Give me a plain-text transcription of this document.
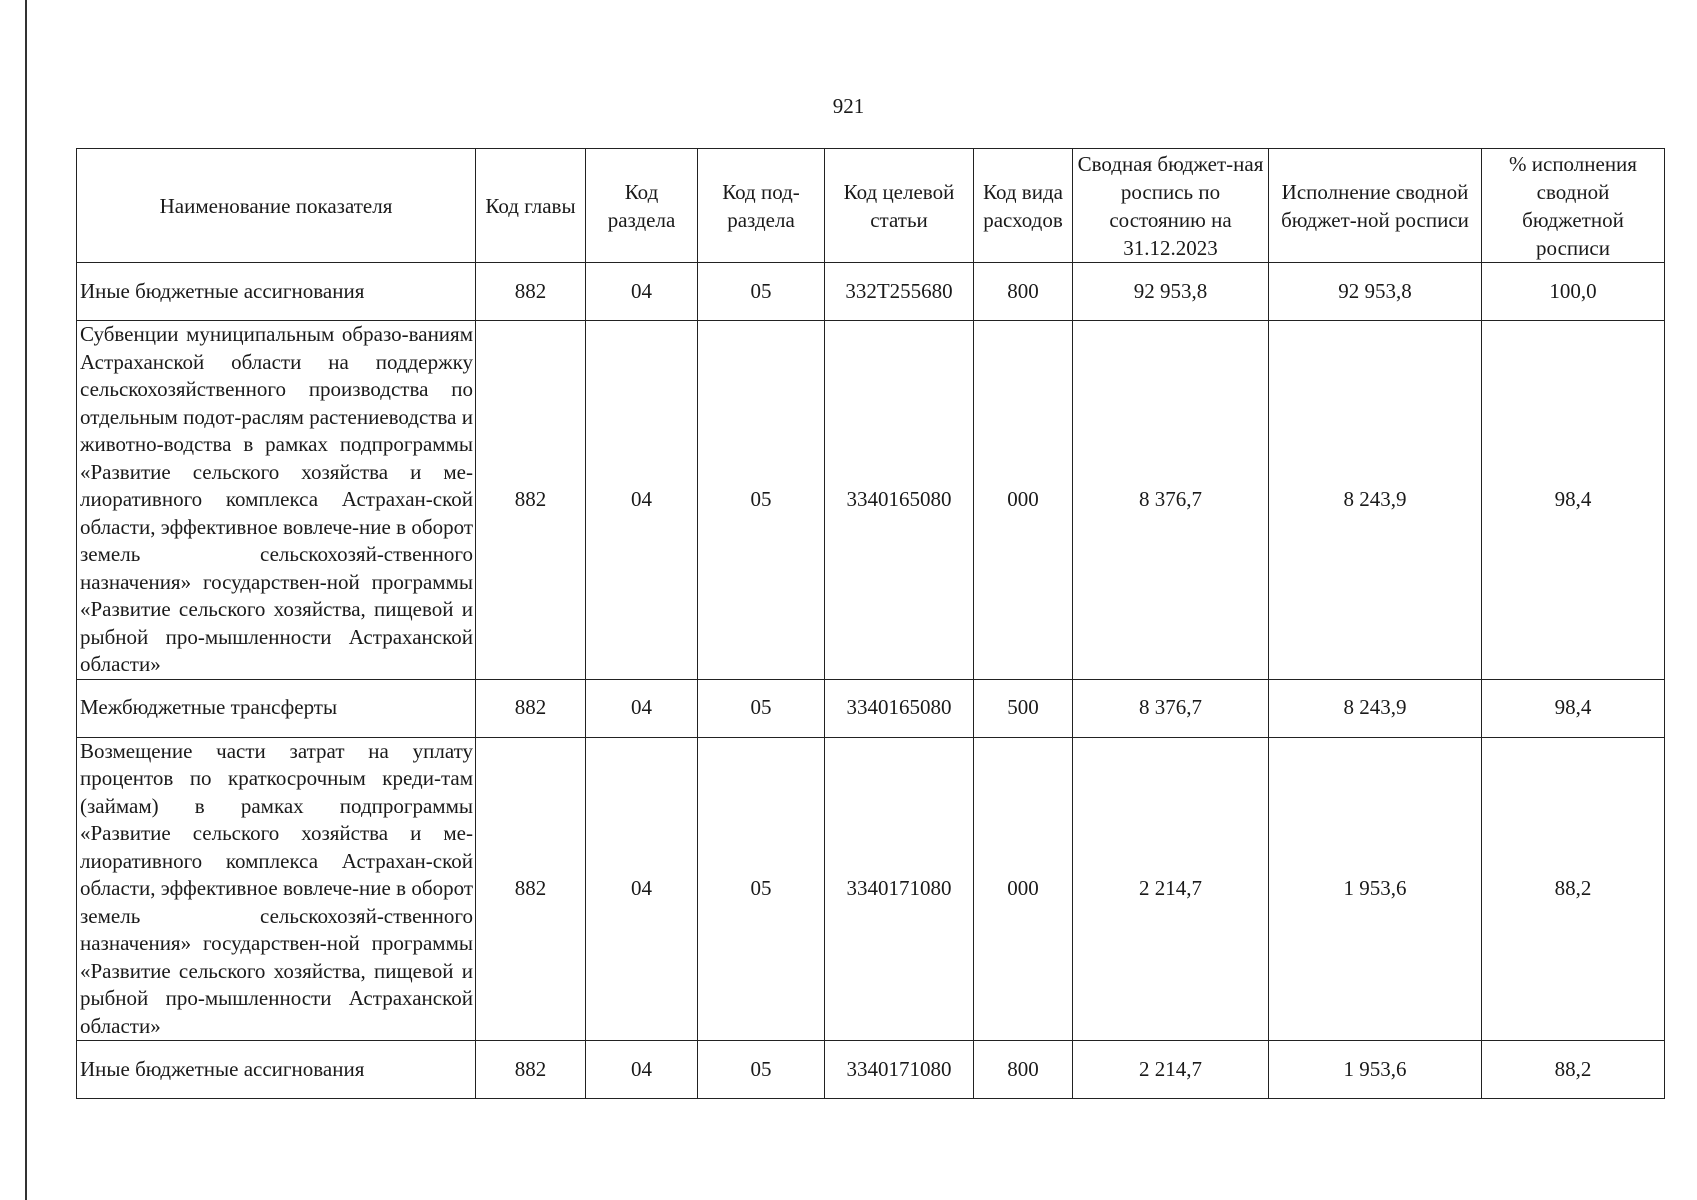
921
Наименование показателя	Код главы	Код раздела	Код под-раздела	Код целевой статьи	Код вида расходов	Сводная бюджет-ная роспись по состоянию на 31.12.2023	Исполнение сводной бюджет-ной росписи	% исполнения сводной бюджетной росписи
Иные бюджетные ассигнования	882	04	05	332Т255680	800	92 953,8	92 953,8	100,0
Субвенции муниципальным образо-ваниям Астраханской области на поддержку сельскохозяйственного производства по отдельным подот-раслям растениеводства и животно-водства в рамках подпрограммы «Развитие сельского хозяйства и ме-лиоративного комплекса Астрахан-ской области, эффективное вовлече-ние в оборот земель сельскохозяй-ственного назначения» государствен-ной программы «Развитие сельского хозяйства, пищевой и рыбной про-мышленности Астраханской области»	882	04	05	3340165080	000	8 376,7	8 243,9	98,4
Межбюджетные трансферты	882	04	05	3340165080	500	8 376,7	8 243,9	98,4
Возмещение части затрат на уплату процентов по краткосрочным креди-там (займам) в рамках подпрограммы «Развитие сельского хозяйства и ме-лиоративного комплекса Астрахан-ской области, эффективное вовлече-ние в оборот земель сельскохозяй-ственного назначения» государствен-ной программы «Развитие сельского хозяйства, пищевой и рыбной про-мышленности Астраханской области»	882	04	05	3340171080	000	2 214,7	1 953,6	88,2
Иные бюджетные ассигнования	882	04	05	3340171080	800	2 214,7	1 953,6	88,2
